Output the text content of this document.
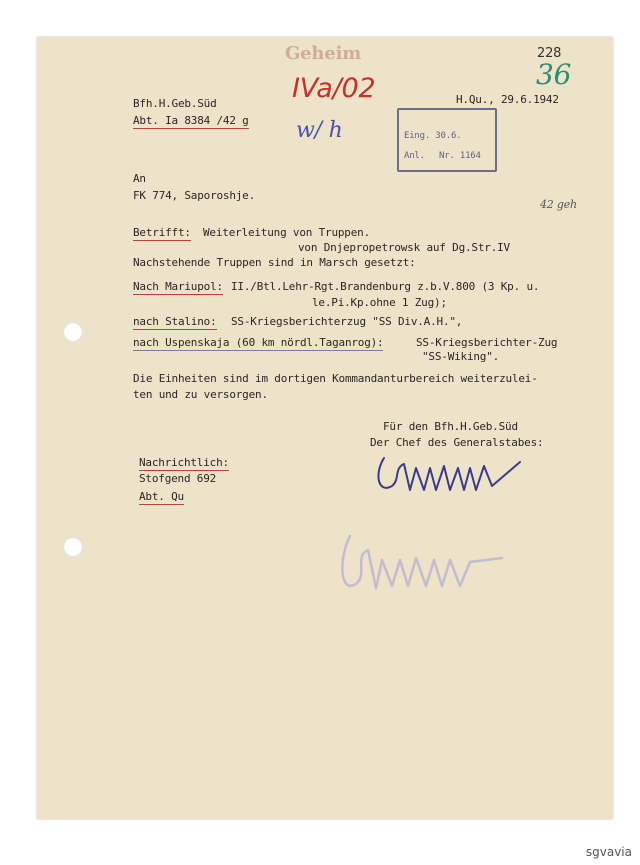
228
36
Geheim
IVa/02
w/ h
Bfh.H.Geb.Süd
Abt. Ia 8384 /42 g
H.Qu., 29.6.1942
Eing. 30.6.
Anl. Nr. 1164
42 geh
An
FK 774, Saporoshje.
Betrifft: Weiterleitung von Truppen.
von Dnjepropetrowsk auf Dg.Str.IV
Nachstehende Truppen sind in Marsch gesetzt:
Nach Mariupol: II./Btl.Lehr-Rgt.Brandenburg z.b.V.800 (3 Kp. u.
le.Pi.Kp.ohne 1 Zug);
nach Stalino: SS-Kriegsberichterzug "SS Div.A.H.",
nach Uspenskaja (60 km nördl.Taganrog):	SS-Kriegsberichter-Zug
"SS-Wiking".
Die Einheiten sind im dortigen Kommandanturbereich weiterzulei-
ten und zu versorgen.
Für den Bfh.H.Geb.Süd
Der Chef des Generalstabes:
Nachrichtlich:
Stofgend 692
Abt. Qu
sgvavia
